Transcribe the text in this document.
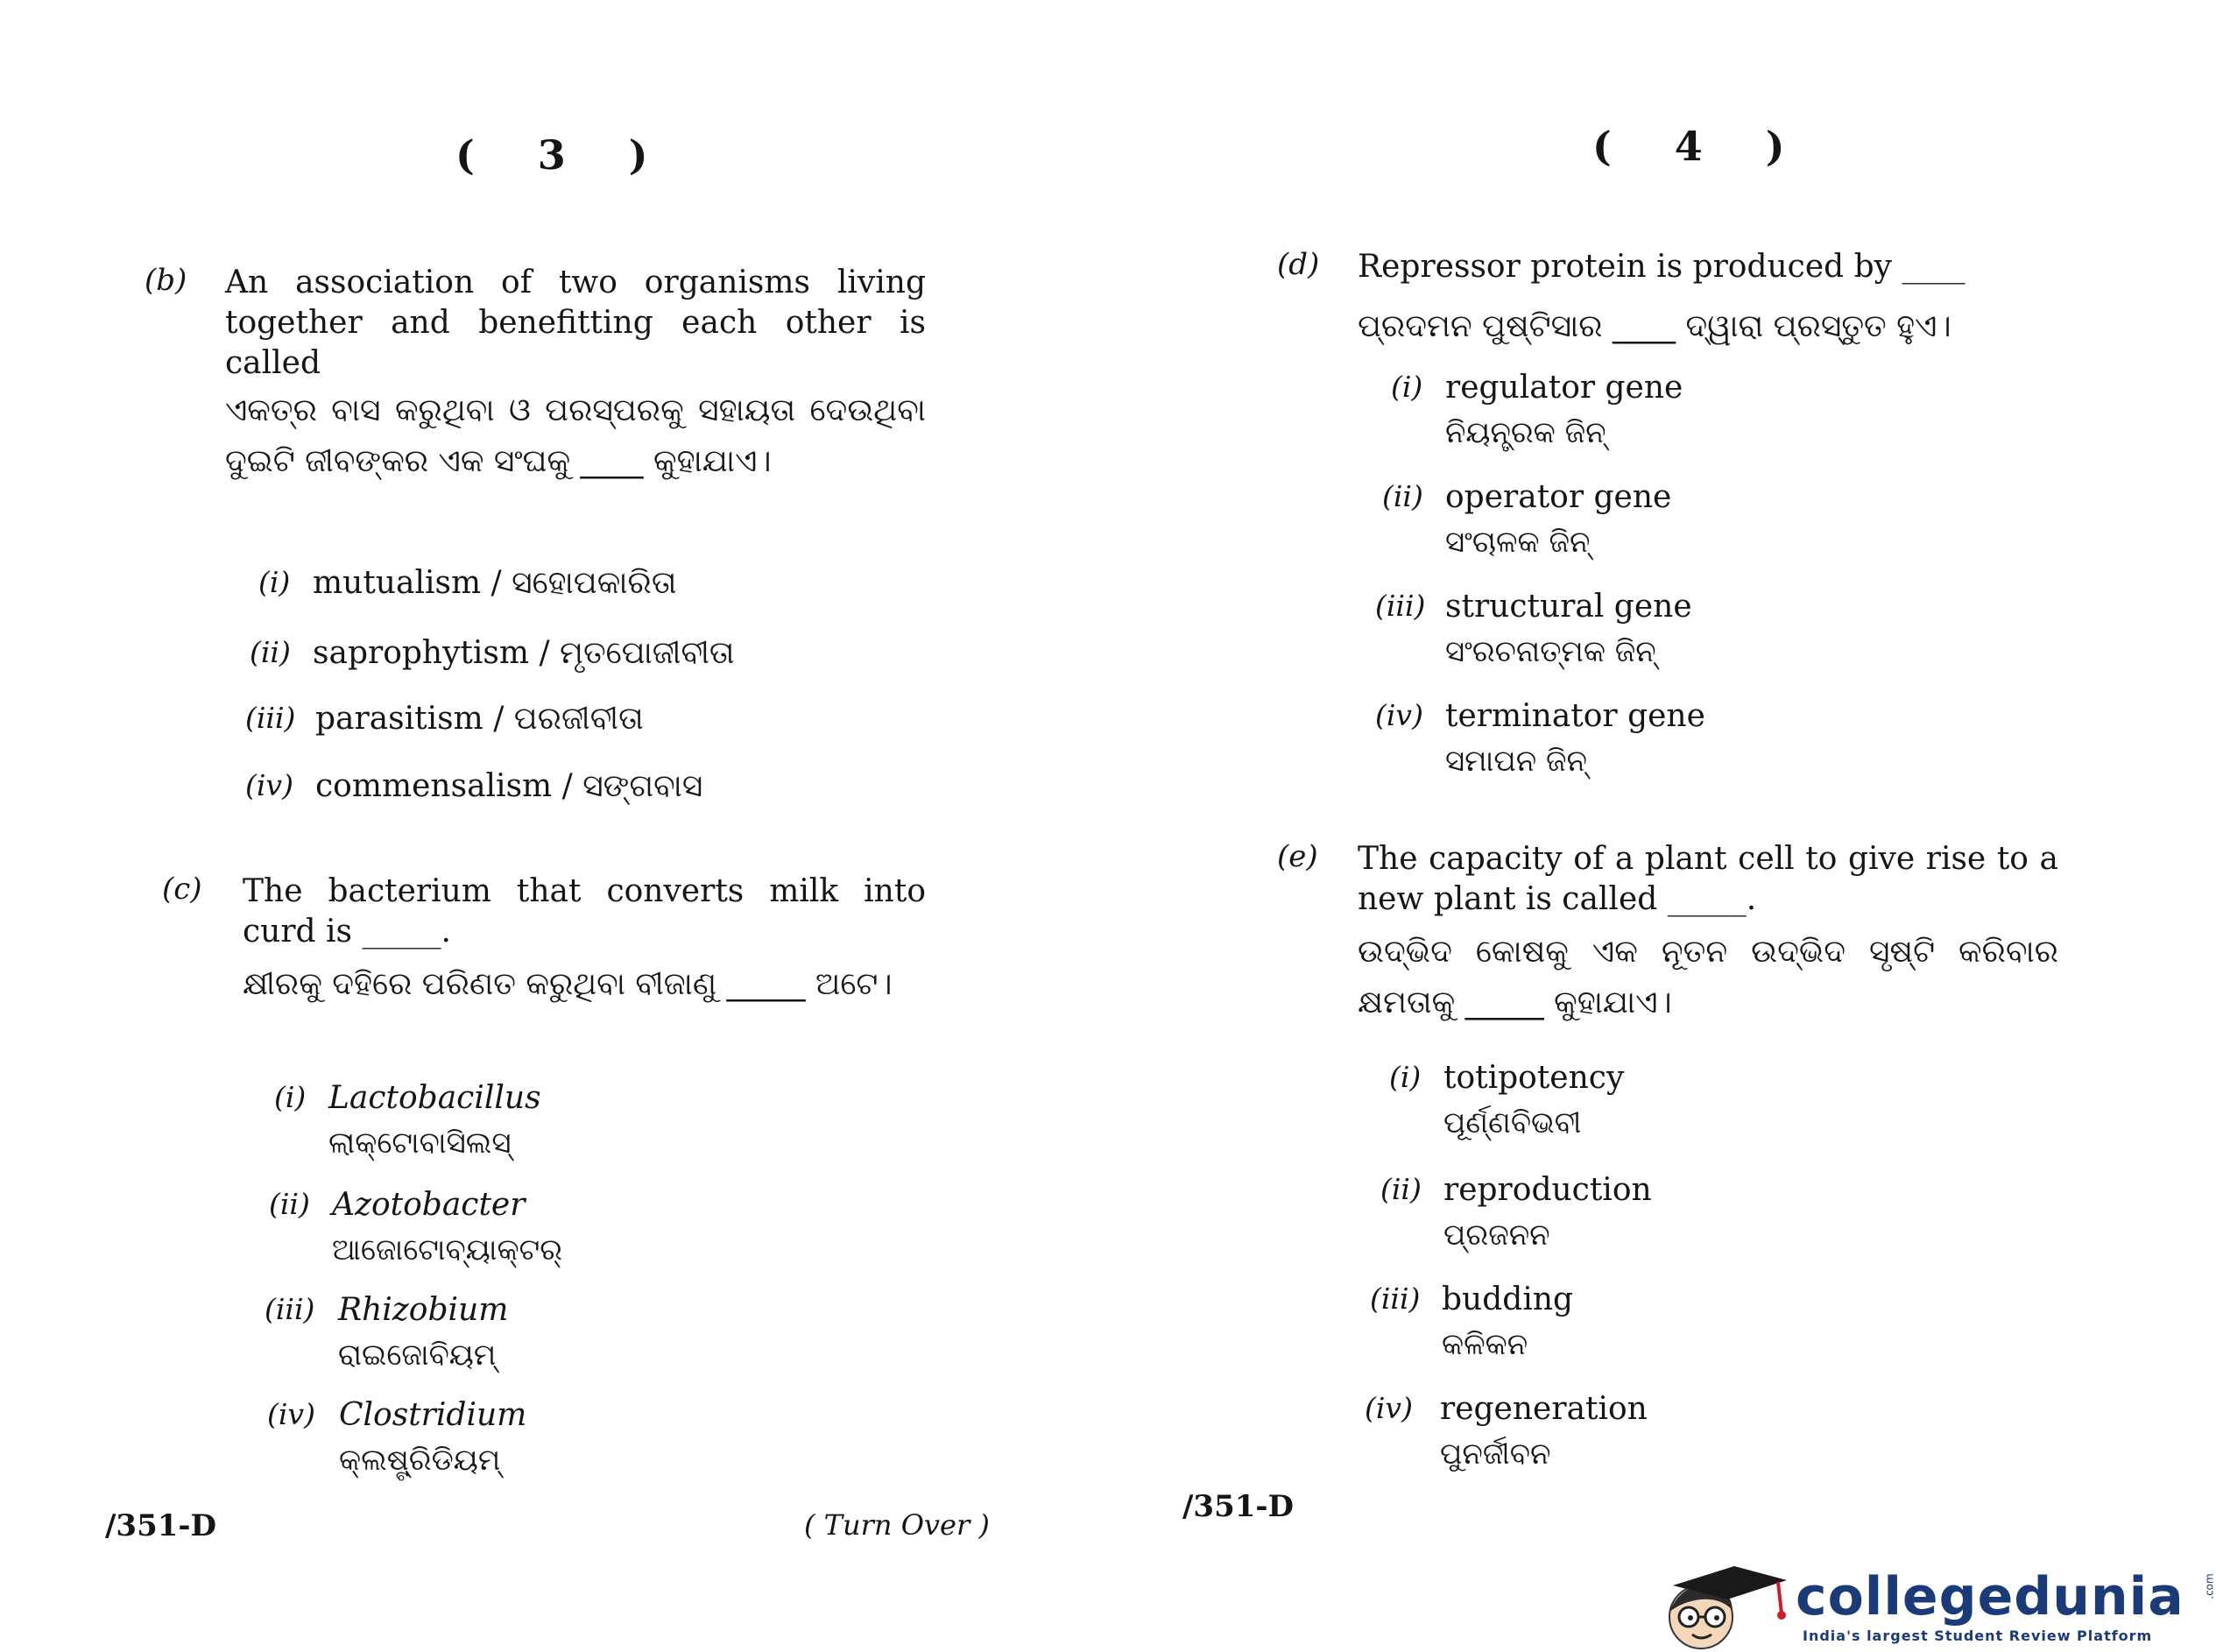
( 3 )
(b) An association of two organisms living together and benefitting each other is called
ଏକତ୍ର ବାସ କରୁଥିବା ଓ ପରସ୍ପରକୁ ସହାୟତା ଦେଉଥିବା ଦୁଇଟି ଜୀବଙ୍କର ଏକ ସଂଘକୁ ____ କୁହାଯାଏ।
(i) mutualism / ସହୋପକାରିତା
(ii) saprophytism / ମୃତପୋଜୀବୀତା
(iii) parasitism / ପରଜୀବୀତା
(iv) commensalism / ସଙ୍ଗବାସ
(c) The bacterium that converts milk into curd is _____.
କ୍ଷୀରକୁ ଦହିରେ ପରିଣତ କରୁଥିବା ବୀଜାଣୁ _____ ଅଟେ।
(i) Lactobacillus
ଲାକ୍ଟୋବାସିଲସ୍
(ii) Azotobacter
ଆଜୋଟୋବ୍ୟାକ୍ଟର୍
(iii) Rhizobium
ରାଇଜୋବିୟମ୍
(iv) Clostridium
କ୍ଲଷ୍ଟ୍ରିଡିୟମ୍
/351-D	( Turn Over )
( 4 )
(d) Repressor protein is produced by ____
ପ୍ରଦମନ ପୁଷ୍ଟିସାର ____ ଦ୍ୱାରା ପ୍ରସ୍ତୁତ ହୁଏ।
(i) regulator gene
ନିୟନ୍ତ୍ରକ ଜିନ୍
(ii) operator gene
ସଂଚାଳକ ଜିନ୍
(iii) structural gene
ସଂରଚନାତ୍ମକ ଜିନ୍
(iv) terminator gene
ସମାପନ ଜିନ୍
(e) The capacity of a plant cell to give rise to a new plant is called _____.
ଉଦ୍ଭିଦ କୋଷକୁ ଏକ ନୂତନ ଉଦ୍ଭିଦ ସୃଷ୍ଟି କରିବାର କ୍ଷମତାକୁ _____ କୁହାଯାଏ।
(i) totipotency
ପୂର୍ଣ୍ଣବିଭବୀ
(ii) reproduction
ପ୍ରଜନନ
(iii) budding
କଳିକନ
(iv) regeneration
ପୁନର୍ଜୀବନ
/351-D
collegedunia
India's largest Student Review Platform
.com
